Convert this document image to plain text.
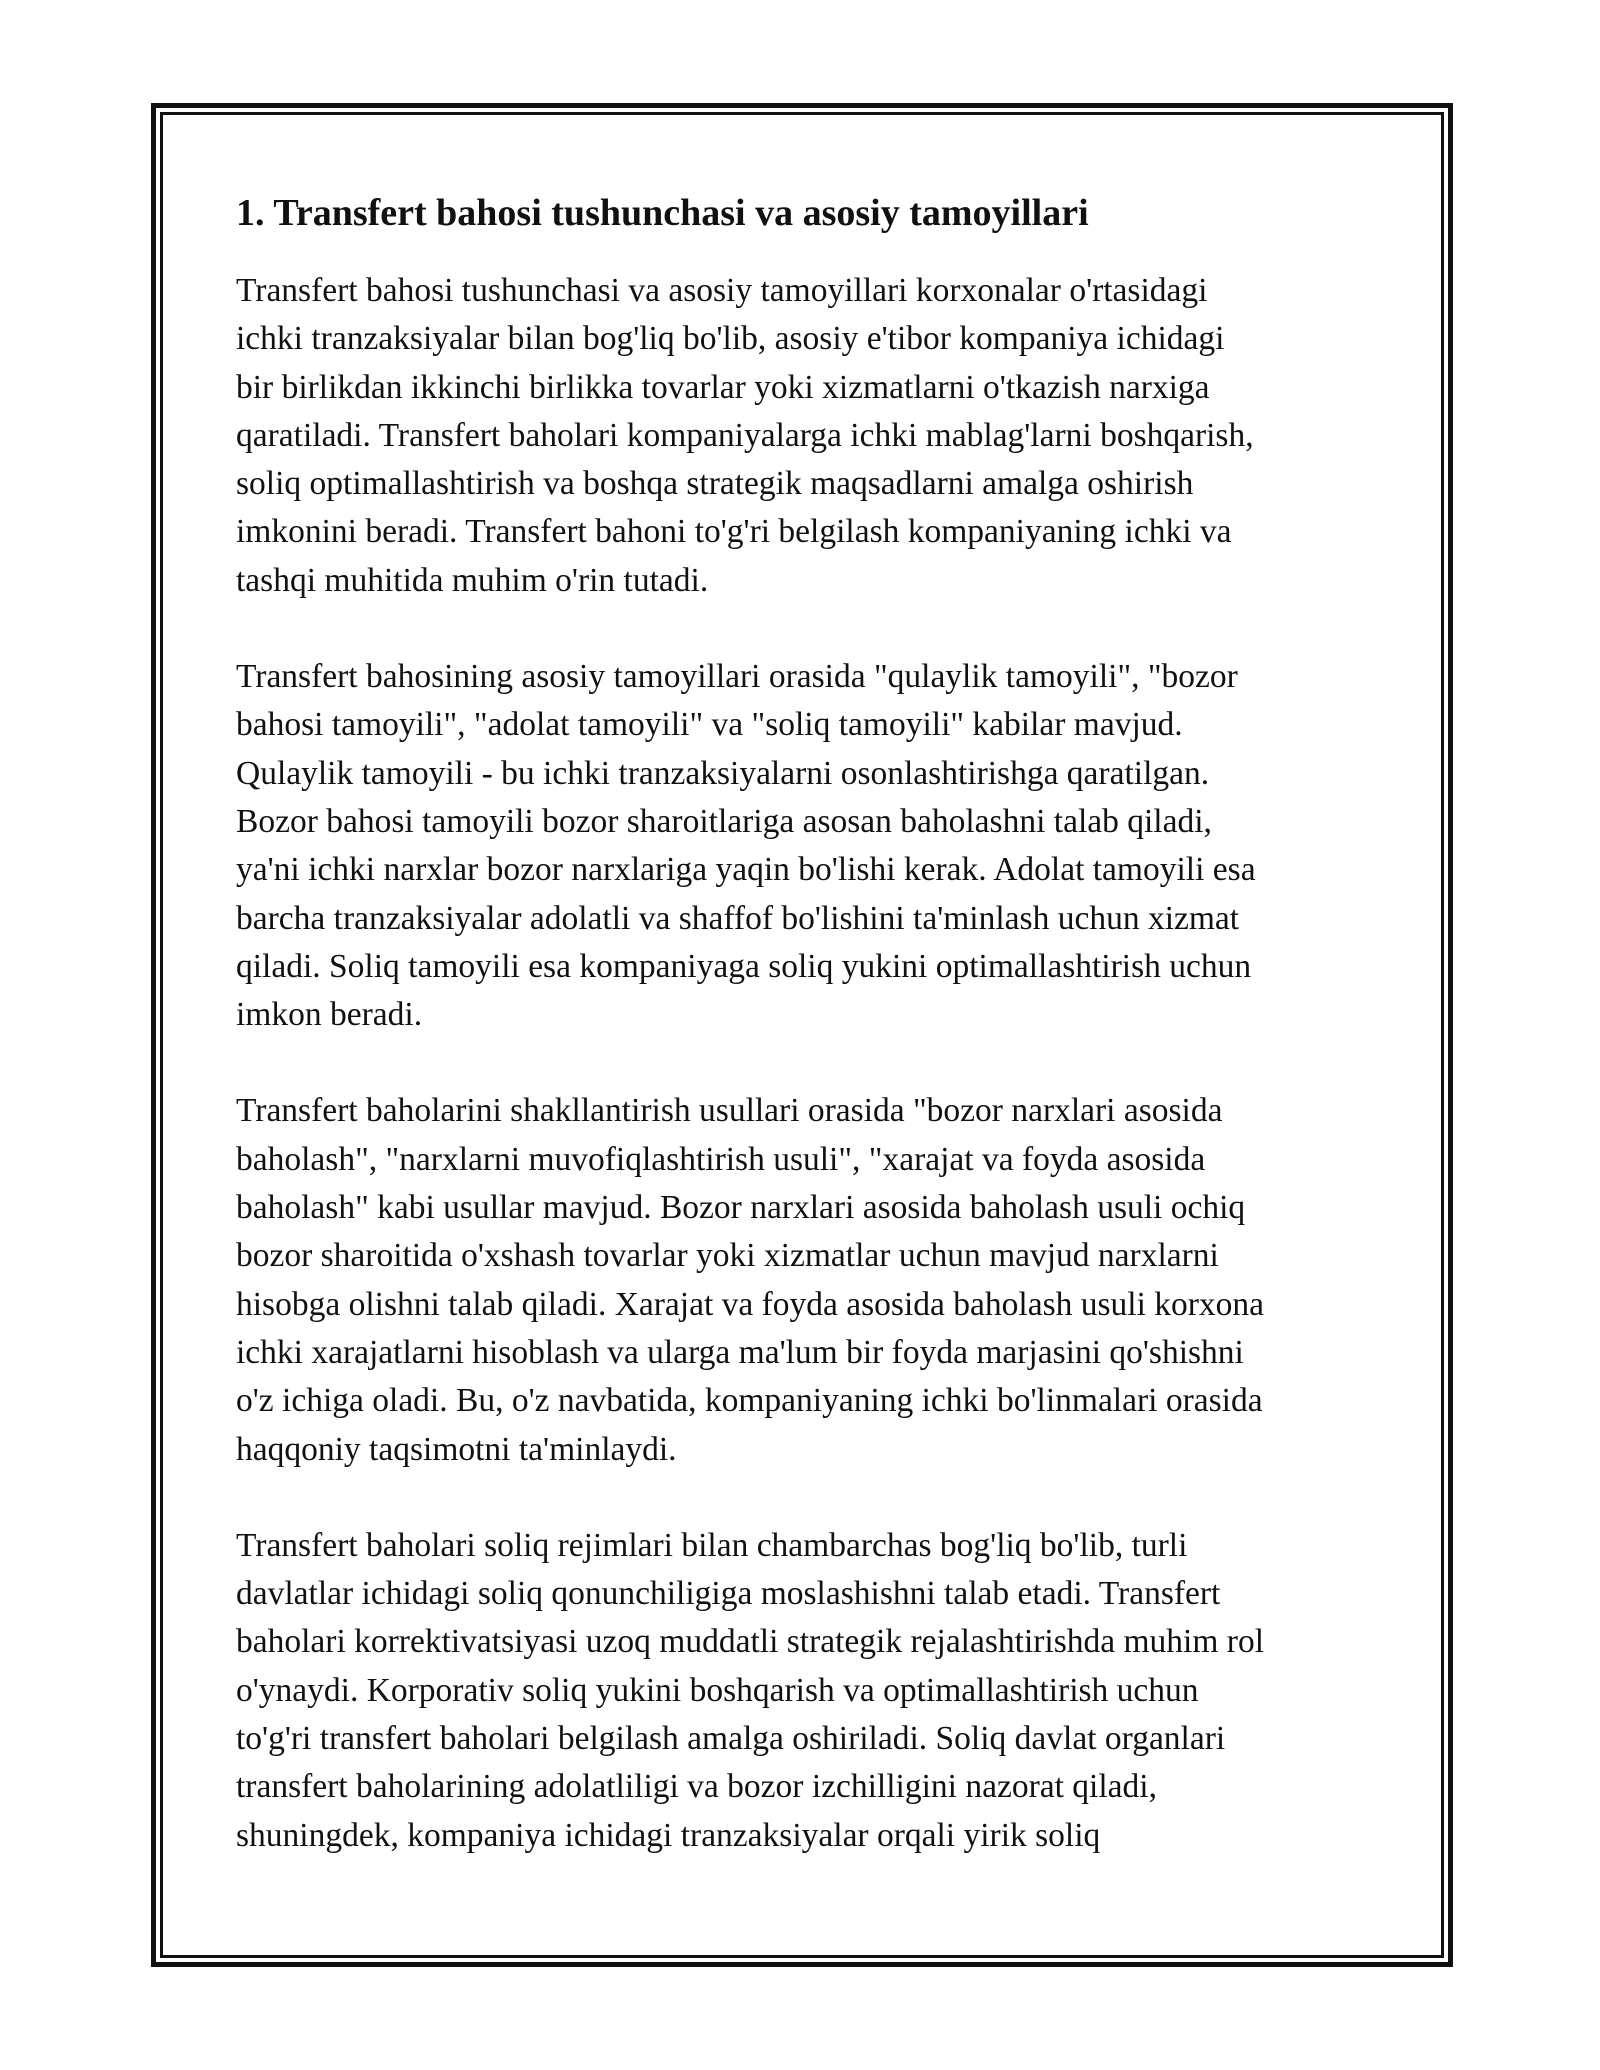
1. Transfert bahosi tushunchasi va asosiy tamoyillari
Transfert bahosi tushunchasi va asosiy tamoyillari korxonalar o'rtasidagi
ichki tranzaksiyalar bilan bog'liq bo'lib, asosiy e'tibor kompaniya ichidagi
bir birlikdan ikkinchi birlikka tovarlar yoki xizmatlarni o'tkazish narxiga
qaratiladi. Transfert baholari kompaniyalarga ichki mablag'larni boshqarish,
soliq optimallashtirish va boshqa strategik maqsadlarni amalga oshirish
imkonini beradi. Transfert bahoni to'g'ri belgilash kompaniyaning ichki va
tashqi muhitida muhim o'rin tutadi.
Transfert bahosining asosiy tamoyillari orasida "qulaylik tamoyili", "bozor
bahosi tamoyili", "adolat tamoyili" va "soliq tamoyili" kabilar mavjud.
Qulaylik tamoyili - bu ichki tranzaksiyalarni osonlashtirishga qaratilgan.
Bozor bahosi tamoyili bozor sharoitlariga asosan baholashni talab qiladi,
ya'ni ichki narxlar bozor narxlariga yaqin bo'lishi kerak. Adolat tamoyili esa
barcha tranzaksiyalar adolatli va shaffof bo'lishini ta'minlash uchun xizmat
qiladi. Soliq tamoyili esa kompaniyaga soliq yukini optimallashtirish uchun
imkon beradi.
Transfert baholarini shakllantirish usullari orasida "bozor narxlari asosida
baholash", "narxlarni muvofiqlashtirish usuli", "xarajat va foyda asosida
baholash" kabi usullar mavjud. Bozor narxlari asosida baholash usuli ochiq
bozor sharoitida o'xshash tovarlar yoki xizmatlar uchun mavjud narxlarni
hisobga olishni talab qiladi. Xarajat va foyda asosida baholash usuli korxona
ichki xarajatlarni hisoblash va ularga ma'lum bir foyda marjasini qo'shishni
o'z ichiga oladi. Bu, o'z navbatida, kompaniyaning ichki bo'linmalari orasida
haqqoniy taqsimotni ta'minlaydi.
Transfert baholari soliq rejimlari bilan chambarchas bog'liq bo'lib, turli
davlatlar ichidagi soliq qonunchiligiga moslashishni talab etadi. Transfert
baholari korrektivatsiyasi uzoq muddatli strategik rejalashtirishda muhim rol
o'ynaydi. Korporativ soliq yukini boshqarish va optimallashtirish uchun
to'g'ri transfert baholari belgilash amalga oshiriladi. Soliq davlat organlari
transfert baholarining adolatliligi va bozor izchilligini nazorat qiladi,
shuningdek, kompaniya ichidagi tranzaksiyalar orqali yirik soliq
